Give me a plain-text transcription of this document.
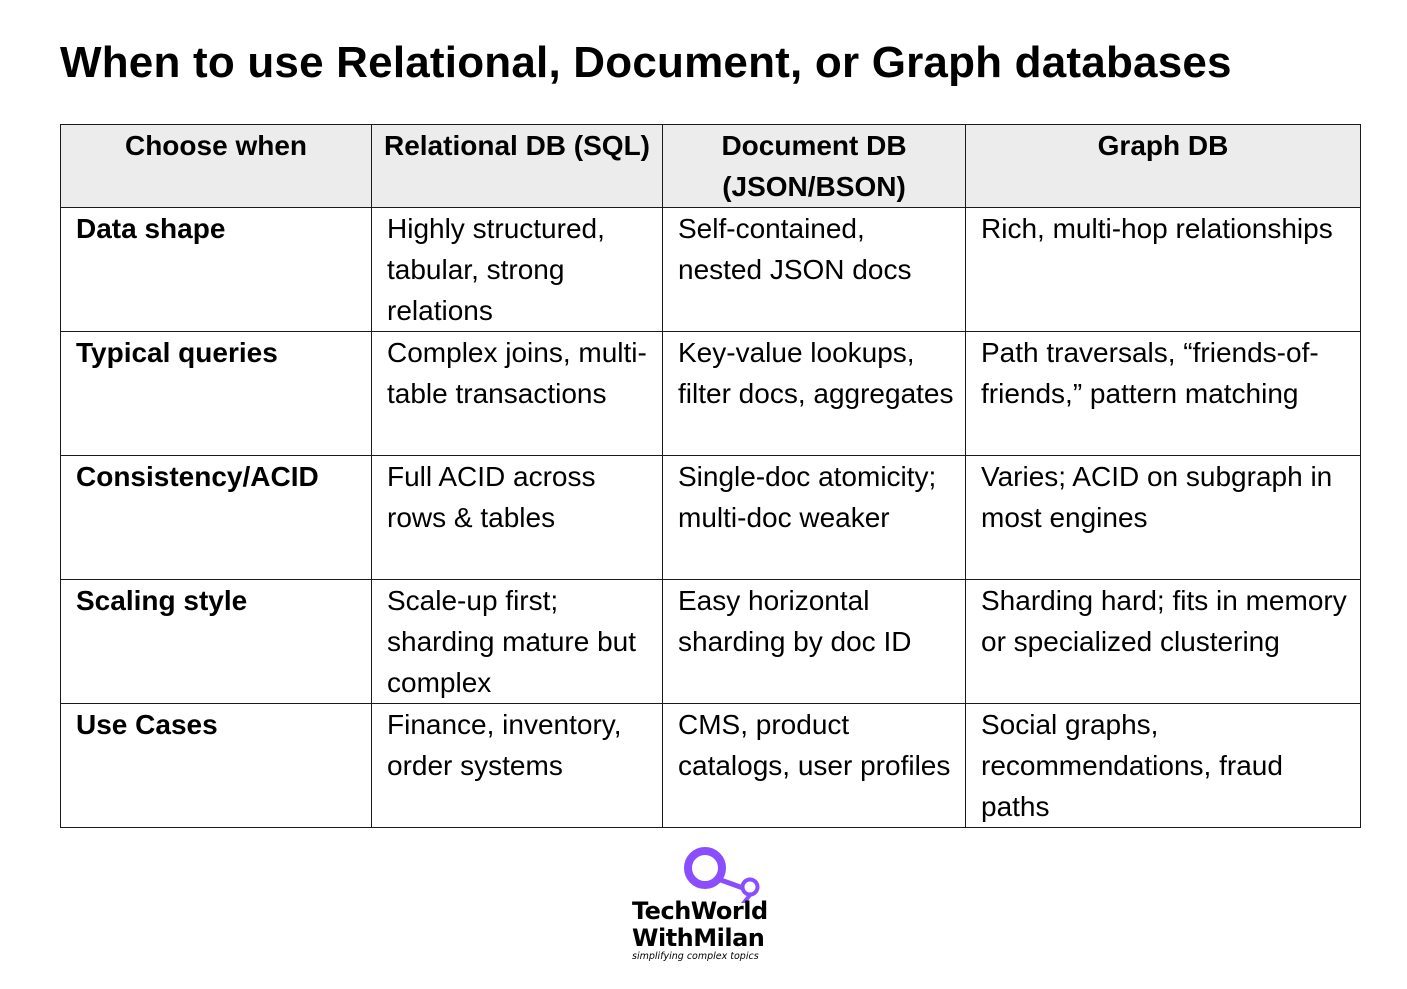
When to use Relational, Document, or Graph databases
Choose when	Relational DB (SQL)	Document DB (JSON/BSON)	Graph DB
Data shape	Highly structured, tabular, strong relations	Self-contained, nested JSON docs	Rich, multi-hop relationships
Typical queries	Complex joins, multi-table transactions	Key-value lookups, filter docs, aggregates	Path traversals, “friends-of-friends,” pattern matching
Consistency/ACID	Full ACID across rows & tables	Single-doc atomicity; multi-doc weaker	Varies; ACID on subgraph in most engines
Scaling style	Scale-up first; sharding mature but complex	Easy horizontal sharding by doc ID	Sharding hard; fits in memory or specialized clustering
Use Cases	Finance, inventory, order systems	CMS, product catalogs, user profiles	Social graphs, recommendations, fraud paths
TechWorld
WithMilan
simplifying complex topics
